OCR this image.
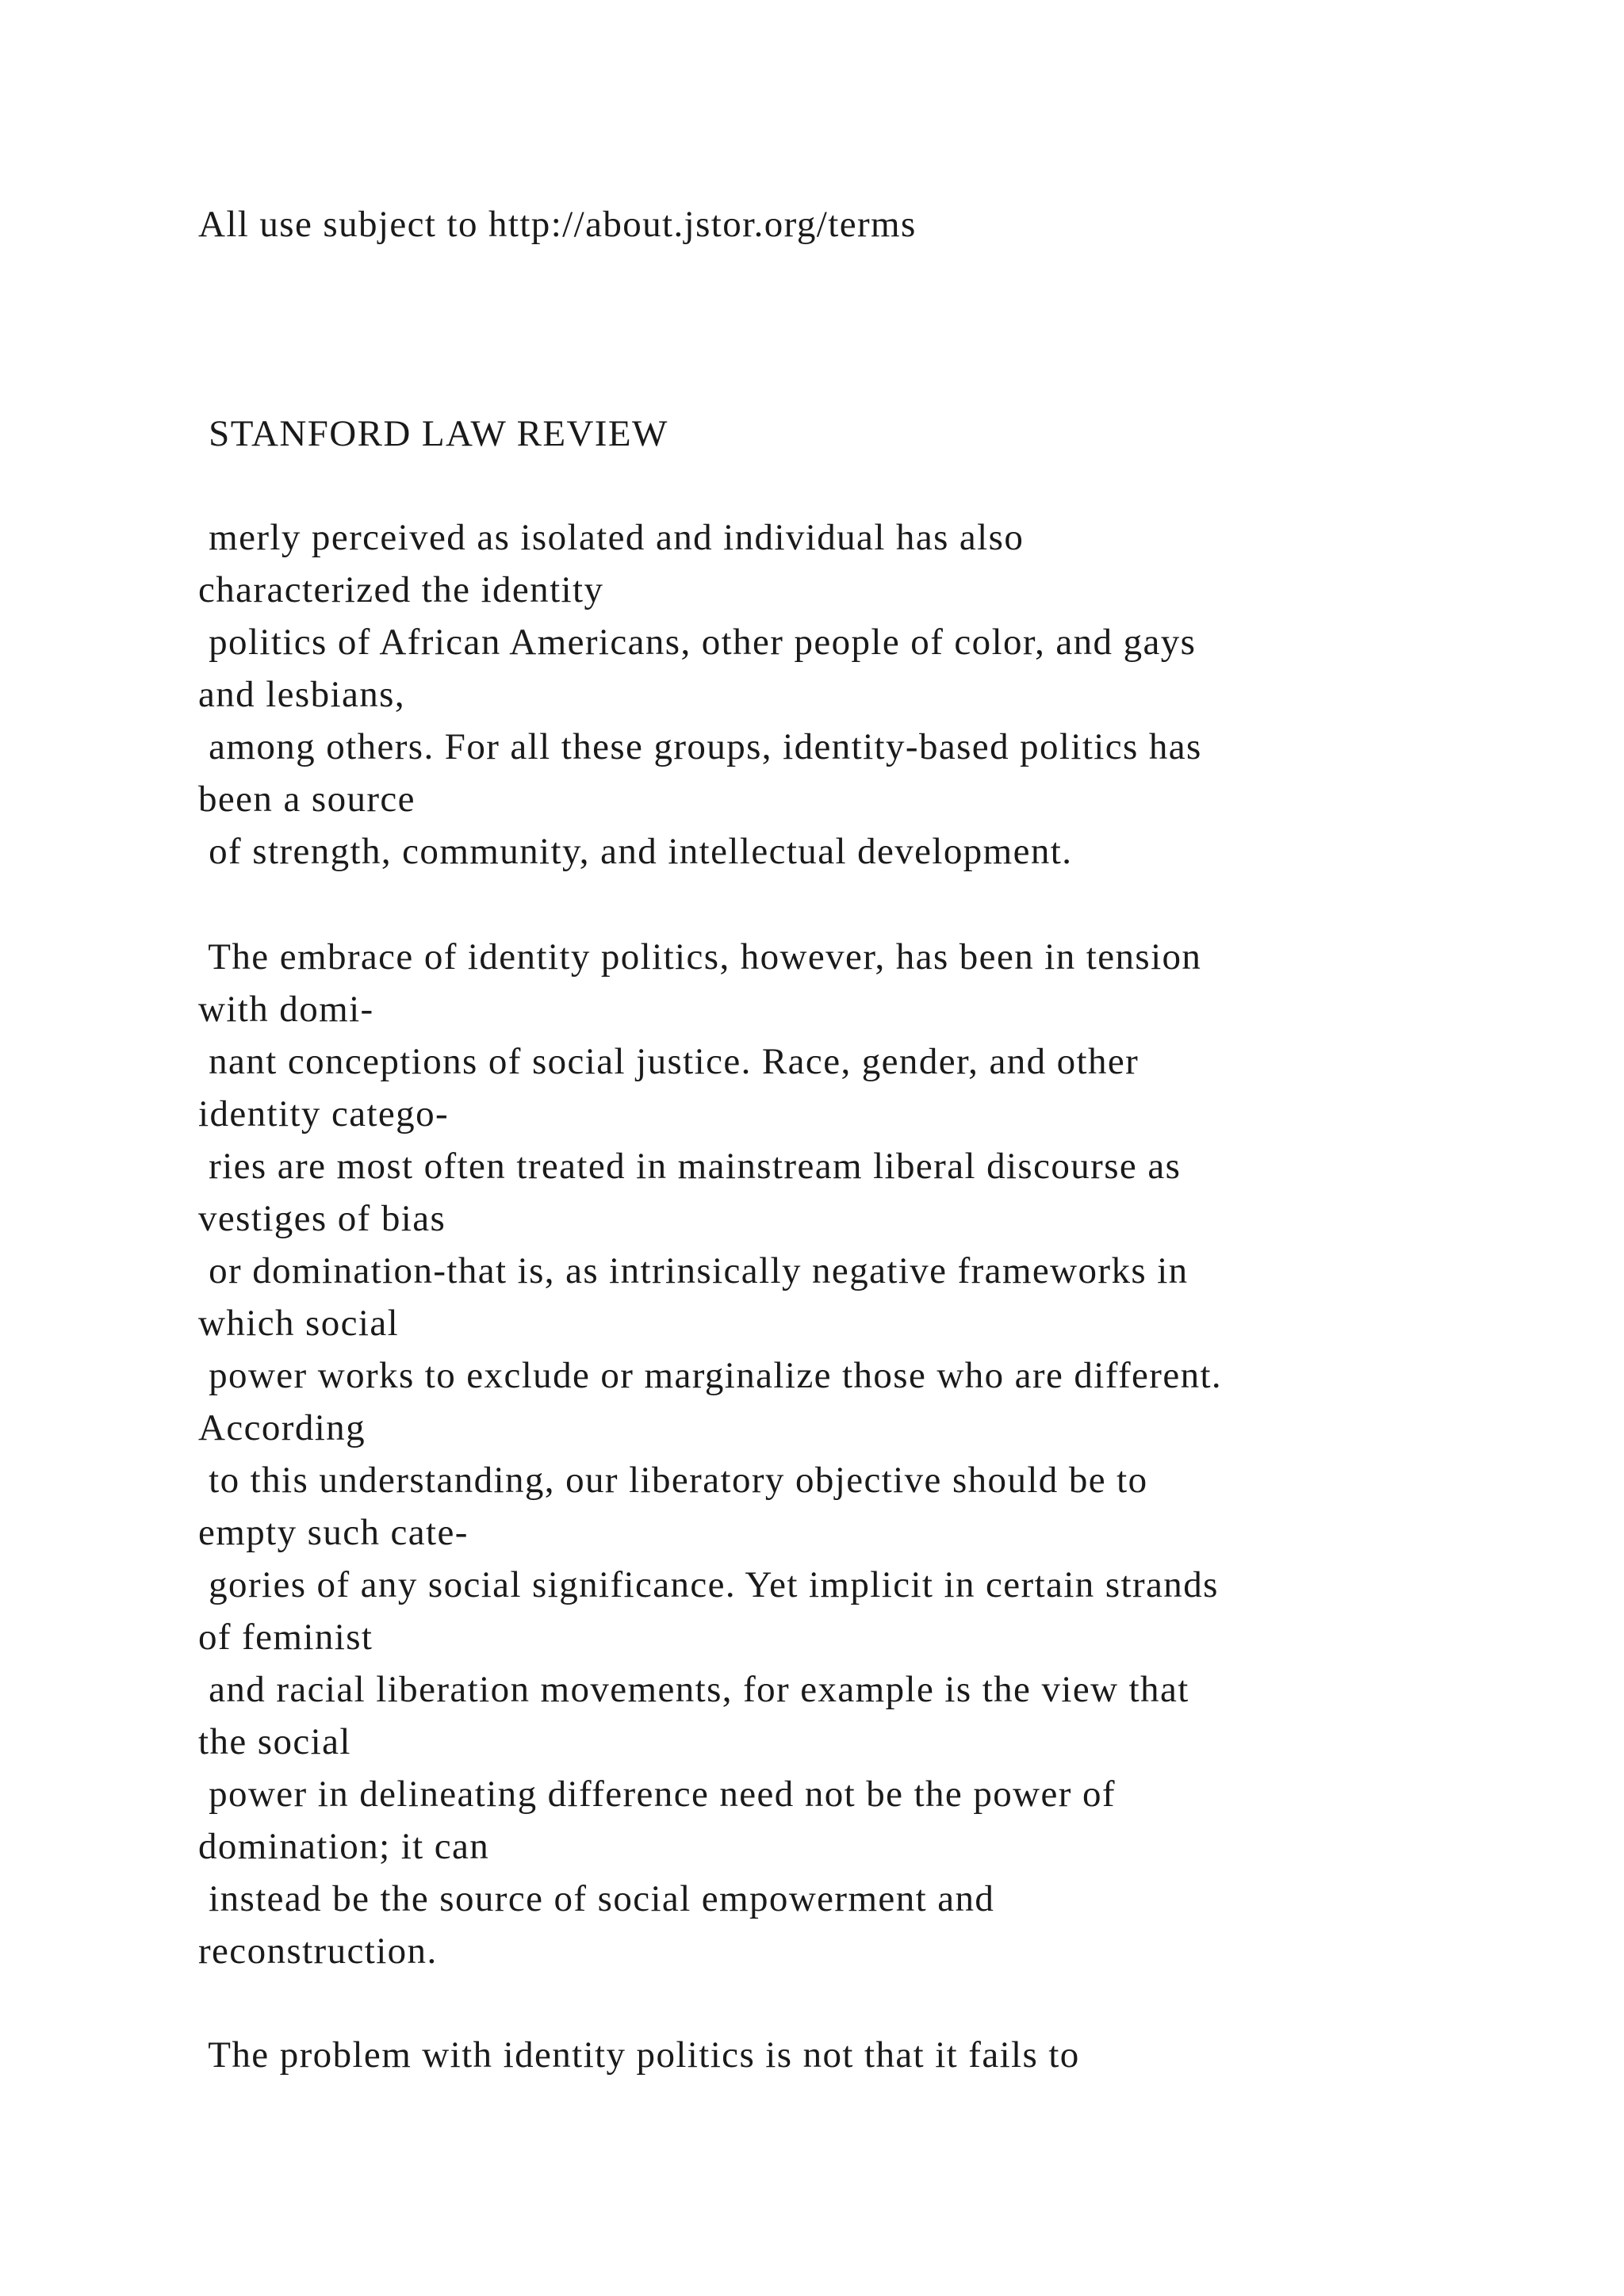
All use subject to http://about.jstor.org/terms

STANFORD LAW REVIEW

merly perceived as isolated and individual has also

characterized the identity

politics of African Americans, other people of color, and gays

and lesbians,

among others. For all these groups, identity-based politics has

been a source

of strength, community, and intellectual development.

The embrace of identity politics, however, has been in tension

with domi-

nant conceptions of social justice. Race, gender, and other

identity catego-

ries are most often treated in mainstream liberal discourse as

vestiges of bias

or domination-that is, as intrinsically negative frameworks in

which social

power works to exclude or marginalize those who are different.

According

to this understanding, our liberatory objective should be to

empty such cate-

gories of any social significance. Yet implicit in certain strands

of feminist

and racial liberation movements, for example is the view that

the social

power in delineating difference need not be the power of

domination; it can

instead be the source of social empowerment and

reconstruction.

The problem with identity politics is not that it fails to
